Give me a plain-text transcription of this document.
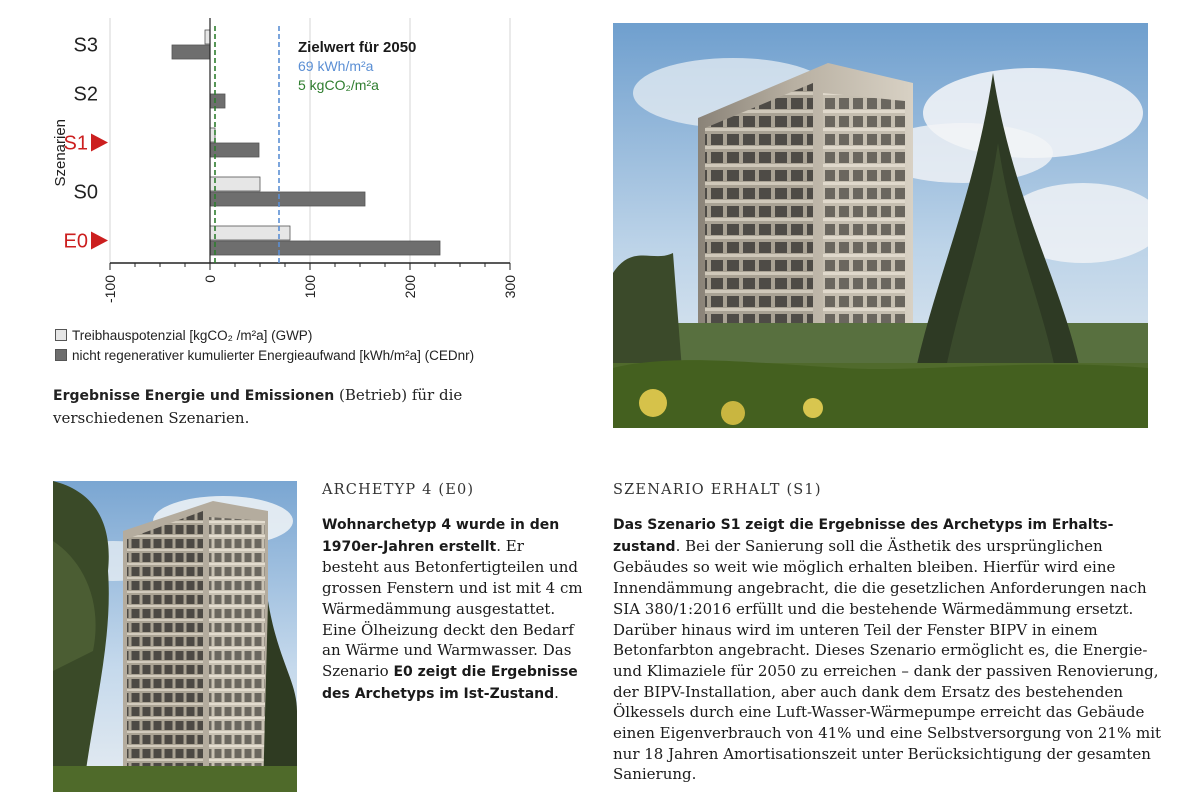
-100	0	100	200	300
S3
S2
S1
S0
E0
Zielwert für 2050
69 kWh/m²a
5 kgCO₂/m²a
Szenarien
Treibhauspotenzial [kgCO₂ /m²a] (GWP)
nicht regenerativer kumulierter Energieaufwand [kWh/m²a] (CEDnr)
Ergebnisse Energie und Emissionen (Betrieb) für die verschiedenen Szenarien.
ARCHETYP 4 (E0)
Wohnarchetyp 4 wurde in den 1970er-Jahren erstellt. Er besteht aus Betonfertigteilen und grossen Fenstern und ist mit 4 cm Wärmedämmung ausgestattet. Eine Ölheizung deckt den Bedarf an Wärme und Warmwasser. Das Szenario E0 zeigt die Ergebnisse des Archetyps im Ist-Zustand.
SZENARIO ERHALT (S1)
Das Szenario S1 zeigt die Ergebnisse des Archetyps im Erhaltszustand. Bei der Sanierung soll die Ästhetik des ursprünglichen Gebäudes so weit wie möglich erhalten bleiben. Hierfür wird eine Innendämmung angebracht, die die gesetzlichen Anforderungen nach SIA 380/1:2016 erfüllt und die bestehende Wärmedämmung ersetzt. Darüber hinaus wird im unteren Teil der Fenster BIPV in einem Betonfarbton angebracht. Dieses Szenario ermöglicht es, die Energie- und Klimaziele für 2050 zu erreichen – dank der passiven Renovierung, der BIPV-Installation, aber auch dank dem Ersatz des bestehenden Ölkessels durch eine Luft-Wasser-Wärmepumpe erreicht das Gebäude einen Eigenverbrauch von 41% und eine Selbstversorgung von 21% mit nur 18 Jahren Amortisationszeit unter Berücksichtigung der gesamten Sanierung.
